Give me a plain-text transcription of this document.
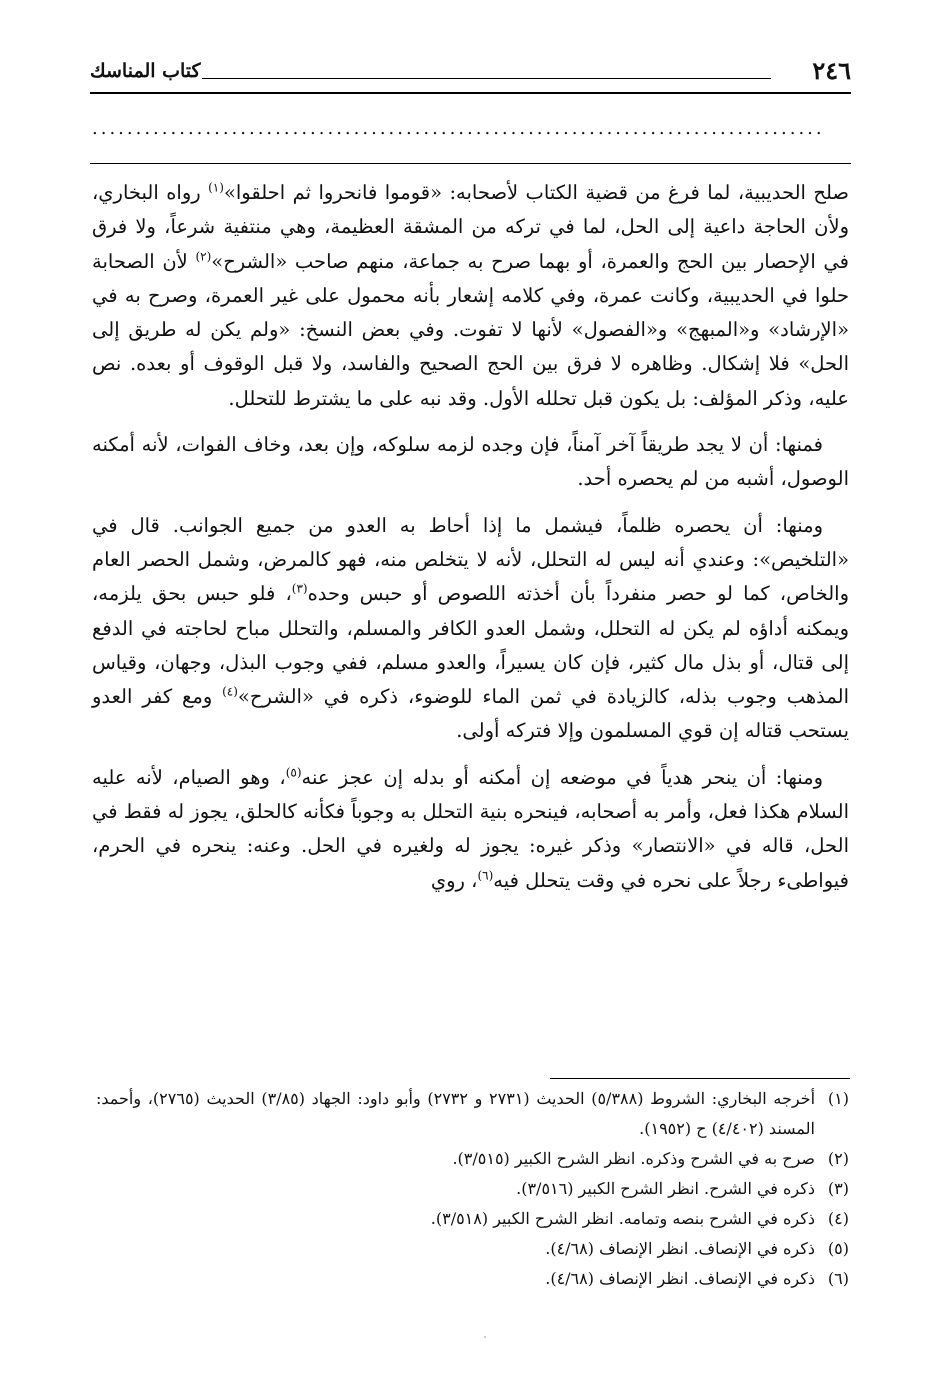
٢٤٦
كتاب المناسك
....................................................................................

صلح الحديبية، لما فرغ من قضية الكتاب لأصحابه: «قوموا فانحروا ثم احلقوا»$^{(١)}$ رواه البخاري، ولأن الحاجة داعية إلى الحل، لما في تركه من المشقة العظيمة، وهي منتفية شرعاً، ولا فرق في الإحصار بين الحج والعمرة، أو بهما صرح به جماعة، منهم صاحب «الشرح»$^{(٢)}$ لأن الصحابة حلوا في الحديبية، وكانت عمرة، وفي كلامه إشعار بأنه محمول على غير العمرة، وصرح به في «الإرشاد» و«المبهج» و«الفصول» لأنها لا تفوت. وفي بعض النسخ: «ولم يكن له طريق إلى الحل» فلا إشكال. وظاهره لا فرق بين الحج الصحيح والفاسد، ولا قبل الوقوف أو بعده. نص عليه، وذكر المؤلف: بل يكون قبل تحلله الأول. وقد نبه على ما يشترط للتحلل.

فمنها: أن لا يجد طريقاً آخر آمناً، فإن وجده لزمه سلوكه، وإن بعد، وخاف الفوات، لأنه أمكنه الوصول، أشبه من لم يحصره أحد.

ومنها: أن يحصره ظلماً، فيشمل ما إذا أحاط به العدو من جميع الجوانب. قال في «التلخيص»: وعندي أنه ليس له التحلل، لأنه لا يتخلص منه، فهو كالمرض، وشمل الحصر العام والخاص، كما لو حصر منفرداً بأن أخذته اللصوص أو حبس وحده$^{(٣)}$، فلو حبس بحق يلزمه، ويمكنه أداؤه لم يكن له التحلل، وشمل العدو الكافر والمسلم، والتحلل مباح لحاجته في الدفع إلى قتال، أو بذل مال كثير، فإن كان يسيراً، والعدو مسلم، ففي وجوب البذل، وجهان، وقياس المذهب وجوب بذله، كالزيادة في ثمن الماء للوضوء، ذكره في «الشرح»$^{(٤)}$ ومع كفر العدو يستحب قتاله إن قوي المسلمون وإلا فتركه أولى.

ومنها: أن ينحر هدياً في موضعه إن أمكنه أو بدله إن عجز عنه$^{(٥)}$، وهو الصيام، لأنه عليه السلام هكذا فعل، وأمر به أصحابه، فينحره بنية التحلل به وجوباً فكأنه كالحلق، يجوز له فقط في الحل، قاله في «الانتصار» وذكر غيره: يجوز له ولغيره في الحل. وعنه: ينحره في الحرم، فيواطىء رجلاً على نحره في وقت يتحلل فيه$^{(٦)}$، روي

(١)
أخرجه البخاري: الشروط (٥/٣٨٨) الحديث (٢٧٣١ و ٢٧٣٢) وأبو داود: الجهاد (٣/٨٥) الحديث (٢٧٦٥)، وأحمد: المسند (٤/٤٠٢) ح (١٩٥٢).
(٢)
صرح به في الشرح وذكره. انظر الشرح الكبير (٣/٥١٥).
(٣)
ذكره في الشرح. انظر الشرح الكبير (٣/٥١٦).
(٤)
ذكره في الشرح بنصه وتمامه. انظر الشرح الكبير (٣/٥١٨).
(٥)
ذكره في الإنصاف. انظر الإنصاف (٤/٦٨).
(٦)
ذكره في الإنصاف. انظر الإنصاف (٤/٦٨).
